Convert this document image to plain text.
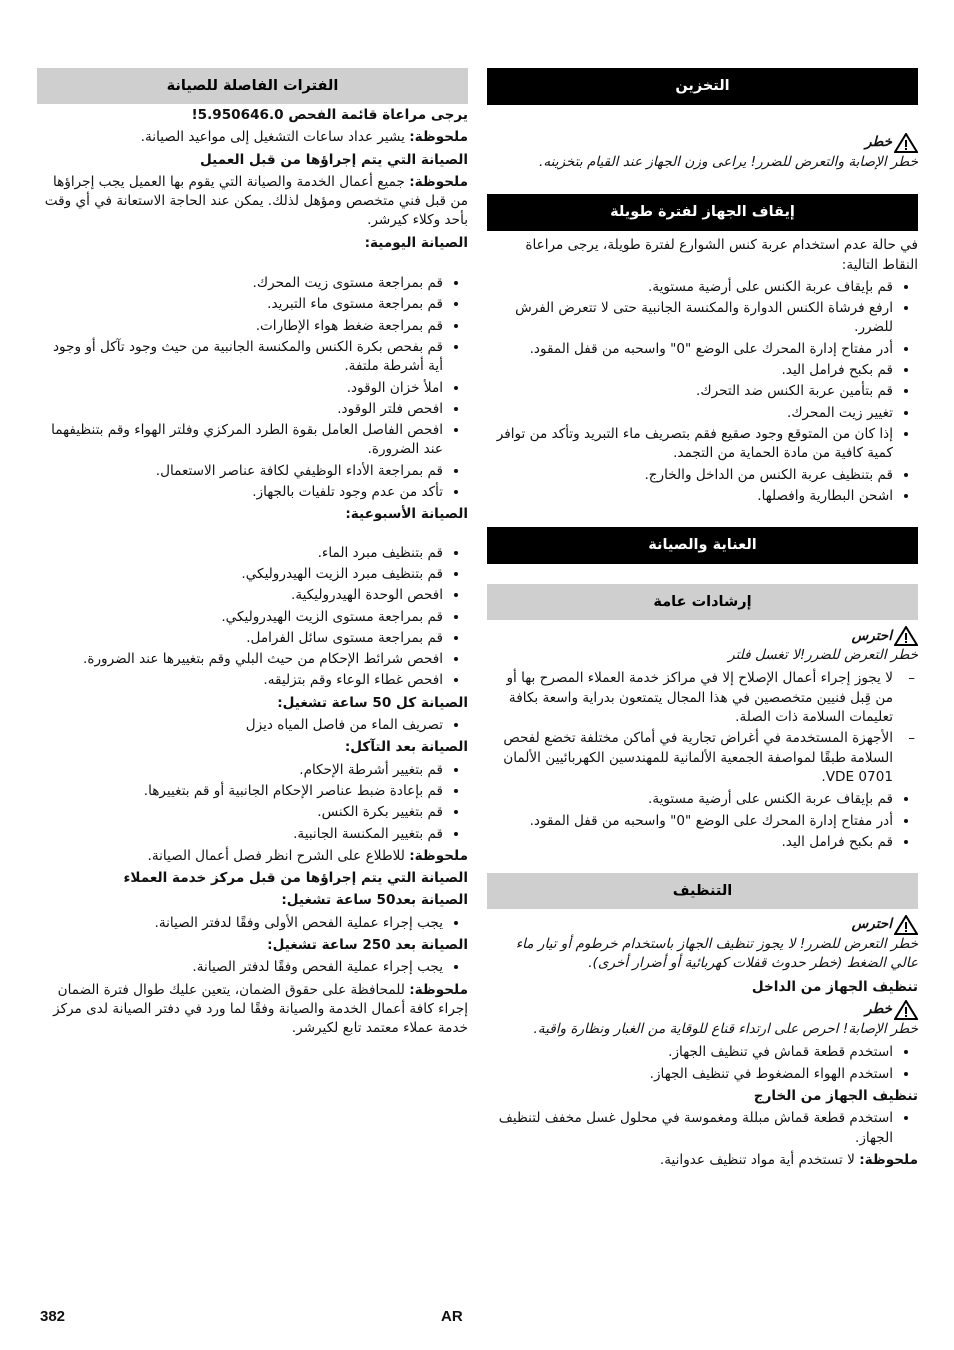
التخزين
خطر

خطر الإصابة والتعرض للضرر! يراعى وزن الجهاز عند القيام بتخزينه.

إيقاف الجهاز لفترة طويلة

في حالة عدم استخدام عربة كنس الشوارع لفترة طويلة، يرجى مراعاة النقاط التالية:

• قم بإيقاف عربة الكنس على أرضية مستوية.
• ارفع فرشاة الكنس الدوارة والمكنسة الجانبية حتى لا تتعرض الفرش للضرر.
• أدر مفتاح إدارة المحرك على الوضع "0" واسحبه من قفل المقود.
• قم بكبح فرامل اليد.
• قم بتأمين عربة الكنس ضد التحرك.
• تغيير زيت المحرك.
• إذا كان من المتوقع وجود صقيع فقم بتصريف ماء التبريد وتأكد من توافر كمية كافية من مادة الحماية من التجمد.
• قم بتنظيف عربة الكنس من الداخل والخارج.
• اشحن البطارية وافصلها.
العناية والصيانة
إرشادات عامة
احترس

خطر التعرض للضرر!لا تغسل فلتر

– لا يجوز إجراء أعمال الإصلاح إلا في مراكز خدمة العملاء المصرح بها أو من قِبل فنيين متخصصين في هذا المجال يتمتعون بدراية واسعة بكافة تعليمات السلامة ذات الصلة.
– الأجهزة المستخدمة في أغراض تجارية في أماكن مختلفة تخضع لفحص السلامة طبقًا لمواصفة الجمعية الألمانية للمهندسين الكهربائيين الألمان VDE 0701.
• قم بإيقاف عربة الكنس على أرضية مستوية.
• أدر مفتاح إدارة المحرك على الوضع "0" واسحبه من قفل المقود.
• قم بكبح فرامل اليد.
التنظيف
احترس

خطر التعرض للضرر! لا يجوز تنظيف الجهاز باستخدام خرطوم أو تيار ماء عالي الضغط (خطر حدوث قفلات كهربائية أو أضرار أخرى).

تنظيف الجهاز من الداخل

خطر

خطر الإصابة! احرص على ارتداء قناع للوقاية من الغبار ونظارة واقية.

• استخدم قطعة قماش في تنظيف الجهاز.
• استخدم الهواء المضغوط في تنظيف الجهاز.

تنظيف الجهاز من الخارج

• استخدم قطعة قماش مبللة ومغموسة في محلول غسل مخفف لتنظيف الجهاز.

ملحوظة: لا تستخدم أية مواد تنظيف عدوانية.

الفترات الفاصلة للصيانة

يرجى مراعاة قائمة الفحص 5.950646.0!

ملحوظة: يشير عداد ساعات التشغيل إلى مواعيد الصيانة.

الصيانة التي يتم إجراؤها من قبل العميل

ملحوظة: جميع أعمال الخدمة والصيانة التي يقوم بها العميل يجب إجراؤها من قبل فني متخصص ومؤهل لذلك. يمكن عند الحاجة الاستعانة في أي وقت بأحد وكلاء كيرشر.

الصيانة اليومية:

• قم بمراجعة مستوى زيت المحرك.
• قم بمراجعة مستوى ماء التبريد.
• قم بمراجعة ضغط هواء الإطارات.
• قم بفحص بكرة الكنس والمكنسة الجانبية من حيث وجود تآكل أو وجود أية أشرطة ملتفة.
• املأ خزان الوقود.
• افحص فلتر الوقود.
• افحص الفاصل العامل بقوة الطرد المركزي وفلتر الهواء وقم بتنظيفهما عند الضرورة.
• قم بمراجعة الأداء الوظيفي لكافة عناصر الاستعمال.
• تأكد من عدم وجود تلفيات بالجهاز.

الصيانة الأسبوعية:

• قم بتنظيف مبرد الماء.
• قم بتنظيف مبرد الزيت الهيدروليكي.
• افحص الوحدة الهيدروليكية.
• قم بمراجعة مستوى الزيت الهيدروليكي.
• قم بمراجعة مستوى سائل الفرامل.
• افحص شرائط الإحكام من حيث البلي وقم بتغييرها عند الضرورة.
• افحص غطاء الوعاء وقم بتزليقه.

الصيانة كل 50 ساعة تشغيل:

• تصريف الماء من فاصل المياه ديزل

الصيانة بعد التآكل:

• قم بتغيير أشرطة الإحكام.
• قم بإعادة ضبط عناصر الإحكام الجانبية أو قم بتغييرها.
• قم بتغيير بكرة الكنس.
• قم بتغيير المكنسة الجانبية.

ملحوظة: للاطلاع على الشرح انظر فصل أعمال الصيانة.

الصيانة التي يتم إجراؤها من قبل مركز خدمة العملاء

الصيانة بعد50 ساعة تشغيل:

• يجب إجراء عملية الفحص الأولى وفقًا لدفتر الصيانة.

الصيانة بعد 250 ساعة تشغيل:

• يجب إجراء عملية الفحص وفقًا لدفتر الصيانة.

ملحوظة: للمحافظة على حقوق الضمان، يتعين عليك طوال فترة الضمان إجراء كافة أعمال الخدمة والصيانة وفقًا لما ورد في دفتر الصيانة لدى مركز خدمة عملاء معتمد تابع لكيرشر.

382	AR
